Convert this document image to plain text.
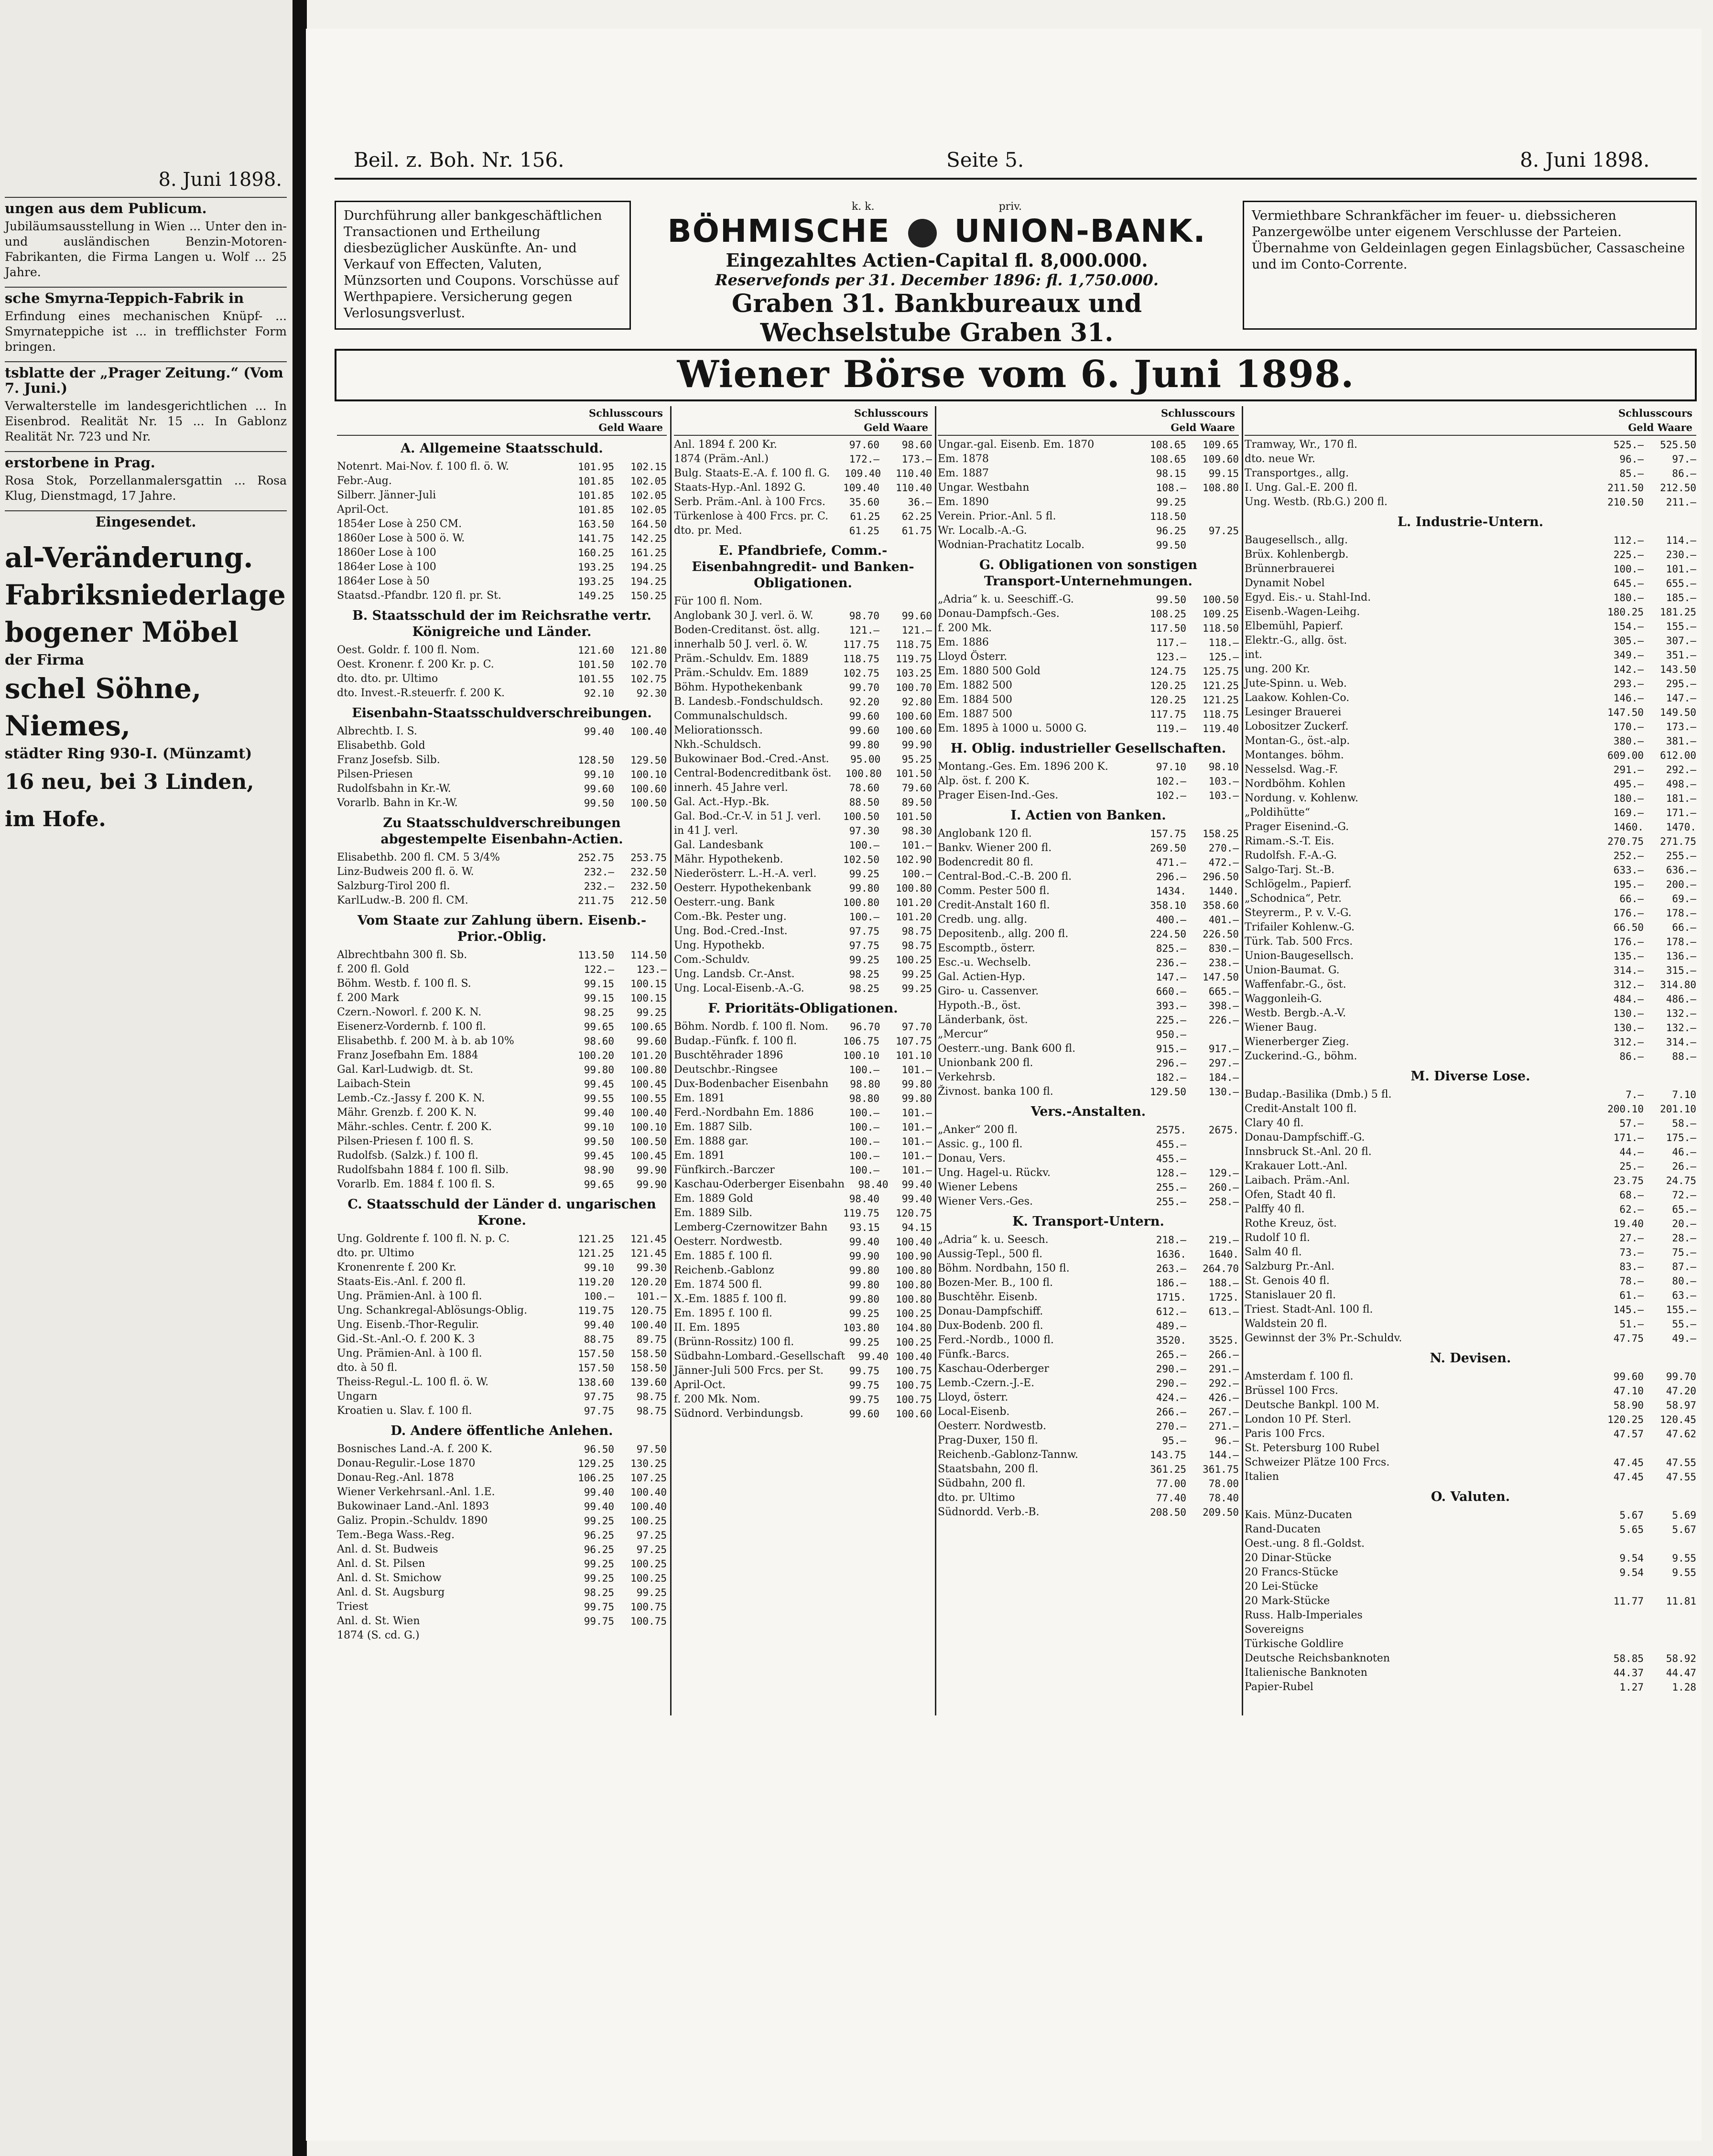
8. Juni 1898.
ungen aus dem Publicum.

Jubiläumsausstellung in Wien ... Unter den in- und ausländischen Benzin-Motoren-Fabrikanten, die Firma Langen u. Wolf ... 25 Jahre.

sche Smyrna-Teppich-Fabrik in

Erfindung eines mechanischen Knüpf- ... Smyrnateppiche ist ... in trefflichster Form bringen.

tsblatte der „Prager Zeitung.“ (Vom 7. Juni.)

Verwalterstelle im landesgerichtlichen ... In Eisenbrod. Realität Nr. 15 ... In Gablonz Realität Nr. 723 und Nr.

erstorbene in Prag.

Rosa Stok, Porzellanmalersgattin ... Rosa Klug, Dienstmagd, 17 Jahre.

Eingesendet.
al-Veränderung.
Fabriksniederlage
bogener Möbel
der Firma
schel Söhne, Niemes,
städter Ring 930-I. (Münzamt)
16 neu, bei 3 Linden, im Hofe.
Beil. z. Boh. Nr. 156.	Seite 5.	8. Juni 1898.
Durchführung aller bankgeschäftlichen Transactionen und Ertheilung diesbezüglicher Auskünfte. An- und Verkauf von Effecten, Valuten, Münzsorten und Coupons. Vorschüsse auf Werthpapiere. Versicherung gegen Verlosungsverlust.
k. k.	priv.
BÖHMISCHE UNION-BANK.
Eingezahltes Actien-Capital fl. 8,000.000.
Reservefonds per 31. December 1896: fl. 1,750.000.
Graben 31. Bankbureaux und Wechselstube Graben 31.
Vermiethbare Schrankfächer im feuer- u. diebssicheren Panzergewölbe unter eigenem Verschlusse der Parteien. Übernahme von Geldeinlagen gegen Einlagsbücher, Cassascheine und im Conto-Corrente.
Wiener Börse vom 6. Juni 1898.
Schlusscours
Geld Waare
A. Allgemeine Staatsschuld.
Notenrt. Mai-Nov. f. 100 fl. ö. W.	101.95	102.15
Febr.-Aug.	101.85	102.05
Silberr. Jänner-Juli	101.85	102.05
April-Oct.	101.85	102.05
1854er Lose à 250 CM.	163.50	164.50
1860er Lose à 500 ö. W.	141.75	142.25
1860er Lose à 100	160.25	161.25
1864er Lose à 100	193.25	194.25
1864er Lose à 50	193.25	194.25
Staatsd.-Pfandbr. 120 fl. pr. St.	149.25	150.25
B. Staatsschuld der im Reichsrathe vertr. Königreiche und Länder.
Oest. Goldr. f. 100 fl. Nom.	121.60	121.80
Oest. Kronenr. f. 200 Kr. p. C.	101.50	102.70
dto. dto. pr. Ultimo	101.55	102.75
dto. Invest.-R.steuerfr. f. 200 K.	92.10	92.30
Eisenbahn-Staatsschuldverschreibungen.
Albrechtb. I. S.	99.40	100.40
Elisabethb. Gold
Franz Josefsb. Silb.	128.50	129.50
Pilsen-Priesen	99.10	100.10
Rudolfsbahn in Kr.-W.	99.60	100.60
Vorarlb. Bahn in Kr.-W.	99.50	100.50
Zu Staatsschuldverschreibungen abgestempelte Eisenbahn-Actien.
Elisabethb. 200 fl. CM. 5 3/4%	252.75	253.75
Linz-Budweis 200 fl. ö. W.	232.—	232.50
Salzburg-Tirol 200 fl.	232.—	232.50
KarlLudw.-B. 200 fl. CM.	211.75	212.50
Vom Staate zur Zahlung übern. Eisenb.-Prior.-Oblig.
Albrechtbahn 300 fl. Sb.	113.50	114.50
f. 200 fl. Gold	122.—	123.—
Böhm. Westb. f. 100 fl. S.	99.15	100.15
f. 200 Mark	99.15	100.15
Czern.-Noworl. f. 200 K. N.	98.25	99.25
Eisenerz-Vordernb. f. 100 fl.	99.65	100.65
Elisabethb. f. 200 M. à b. ab 10%	98.60	99.60
Franz Josefbahn Em. 1884	100.20	101.20
Gal. Karl-Ludwigb. dt. St.	99.80	100.80
Laibach-Stein	99.45	100.45
Lemb.-Cz.-Jassy f. 200 K. N.	99.55	100.55
Mähr. Grenzb. f. 200 K. N.	99.40	100.40
Mähr.-schles. Centr. f. 200 K.	99.10	100.10
Pilsen-Priesen f. 100 fl. S.	99.50	100.50
Rudolfsb. (Salzk.) f. 100 fl.	99.45	100.45
Rudolfsbahn 1884 f. 100 fl. Silb.	98.90	99.90
Vorarlb. Em. 1884 f. 100 fl. S.	99.65	99.90
C. Staatsschuld der Länder d. ungarischen Krone.
Ung. Goldrente f. 100 fl. N. p. C.	121.25	121.45
dto. pr. Ultimo	121.25	121.45
Kronenrente f. 200 Kr.	99.10	99.30
Staats-Eis.-Anl. f. 200 fl.	119.20	120.20
Ung. Prämien-Anl. à 100 fl.	100.—	101.—
Ung. Schankregal-Ablösungs-Oblig.	119.75	120.75
Ung. Eisenb.-Thor-Regulir.	99.40	100.40
Gid.-St.-Anl.-O. f. 200 K. 3	88.75	89.75
Ung. Prämien-Anl. à 100 fl.	157.50	158.50
dto. à 50 fl.	157.50	158.50
Theiss-Regul.-L. 100 fl. ö. W.	138.60	139.60
Ungarn	97.75	98.75
Kroatien u. Slav. f. 100 fl.	97.75	98.75
D. Andere öffentliche Anlehen.
Bosnisches Land.-A. f. 200 K.	96.50	97.50
Donau-Regulir.-Lose 1870	129.25	130.25
Donau-Reg.-Anl. 1878	106.25	107.25
Wiener Verkehrsanl.-Anl. 1.E.	99.40	100.40
Bukowinaer Land.-Anl. 1893	99.40	100.40
Galiz. Propin.-Schuldv. 1890	99.25	100.25
Tem.-Bega Wass.-Reg.	96.25	97.25
Anl. d. St. Budweis	96.25	97.25
Anl. d. St. Pilsen	99.25	100.25
Anl. d. St. Smichow	99.25	100.25
Anl. d. St. Augsburg	98.25	99.25
Triest	99.75	100.75
Anl. d. St. Wien	99.75	100.75
1874 (S. cd. G.)
Schlusscours
Geld Waare
Anl. 1894 f. 200 Kr.	97.60	98.60
1874 (Präm.-Anl.)	172.—	173.—
Bulg. Staats-E.-A. f. 100 fl. G.	109.40	110.40
Staats-Hyp.-Anl. 1892 G.	109.40	110.40
Serb. Präm.-Anl. à 100 Frcs.	35.60	36.—
Türkenlose à 400 Frcs. pr. C.	61.25	62.25
dto. pr. Med.	61.25	61.75
E. Pfandbriefe, Comm.-Eisenbahngredit- und Banken-Obligationen.
Für 100 fl. Nom.
Anglobank 30 J. verl. ö. W.	98.70	99.60
Boden-Creditanst. öst. allg.	121.—	121.—
innerhalb 50 J. verl. ö. W.	117.75	118.75
Präm.-Schuldv. Em. 1889	118.75	119.75
Präm.-Schuldv. Em. 1889	102.75	103.25
Böhm. Hypothekenbank	99.70	100.70
B. Landesb.-Fondschuldsch.	92.20	92.80
Communalschuldsch.	99.60	100.60
Meliorationssch.	99.60	100.60
Nkh.-Schuldsch.	99.80	99.90
Bukowinaer Bod.-Cred.-Anst.	95.00	95.25
Central-Bodencreditbank öst.	100.80	101.50
innerh. 45 Jahre verl.	78.60	79.60
Gal. Act.-Hyp.-Bk.	88.50	89.50
Gal. Bod.-Cr.-V. in 51 J. verl.	100.50	101.50
in 41 J. verl.	97.30	98.30
Gal. Landesbank	100.—	101.—
Mähr. Hypothekenb.	102.50	102.90
Niederösterr. L.-H.-A. verl.	99.25	100.—
Oesterr. Hypothekenbank	99.80	100.80
Oesterr.-ung. Bank	100.80	101.20
Com.-Bk. Pester ung.	100.—	101.20
Ung. Bod.-Cred.-Inst.	97.75	98.75
Ung. Hypothekb.	97.75	98.75
Com.-Schuldv.	99.25	100.25
Ung. Landsb. Cr.-Anst.	98.25	99.25
Ung. Local-Eisenb.-A.-G.	98.25	99.25
F. Prioritäts-Obligationen.
Böhm. Nordb. f. 100 fl. Nom.	96.70	97.70
Budap.-Fünfk. f. 100 fl.	106.75	107.75
Buschtěhrader 1896	100.10	101.10
Deutschbr.-Ringsee	100.—	101.—
Dux-Bodenbacher Eisenbahn	98.80	99.80
Em. 1891	98.80	99.80
Ferd.-Nordbahn Em. 1886	100.—	101.—
Em. 1887 Silb.	100.—	101.—
Em. 1888 gar.	100.—	101.—
Em. 1891	100.—	101.—
Fünfkirch.-Barczer	100.—	101.—
Kaschau-Oderberger Eisenbahn	98.40	99.40
Em. 1889 Gold	98.40	99.40
Em. 1889 Silb.	119.75	120.75
Lemberg-Czernowitzer Bahn	93.15	94.15
Oesterr. Nordwestb.	99.40	100.40
Em. 1885 f. 100 fl.	99.90	100.90
Reichenb.-Gablonz	99.80	100.80
Em. 1874 500 fl.	99.80	100.80
X.-Em. 1885 f. 100 fl.	99.80	100.80
Em. 1895 f. 100 fl.	99.25	100.25
II. Em. 1895	103.80	104.80
(Brünn-Rossitz) 100 fl.	99.25	100.25
Südbahn-Lombard.-Gesellschaft	99.40 100.40
Jänner-Juli 500 Frcs. per St.	99.75	100.75
April-Oct.	99.75	100.75
f. 200 Mk. Nom.	99.75	100.75
Südnord. Verbindungsb.	99.60	100.60
Schlusscours
Geld Waare
Ungar.-gal. Eisenb. Em. 1870	108.65	109.65
Em. 1878	108.65	109.60
Em. 1887	98.15	99.15
Ungar. Westbahn	108.—	108.80
Em. 1890	99.25
Verein. Prior.-Anl. 5 fl.	118.50
Wr. Localb.-A.-G.	96.25	97.25
Wodnian-Prachatitz Localb.	99.50
G. Obligationen von sonstigen Transport-Unternehmungen.
„Adria“ k. u. Seeschiff.-G.	99.50	100.50
Donau-Dampfsch.-Ges.	108.25	109.25
f. 200 Mk.	117.50	118.50
Em. 1886	117.—	118.—
Lloyd Österr.	123.—	125.—
Em. 1880 500 Gold	124.75	125.75
Em. 1882 500	120.25	121.25
Em. 1884 500	120.25	121.25
Em. 1887 500	117.75	118.75
Em. 1895 à 1000 u. 5000 G.	119.—	119.40
H. Oblig. industrieller Gesellschaften.
Montang.-Ges. Em. 1896 200 K.	97.10	98.10
Alp. öst. f. 200 K.	102.—	103.—
Prager Eisen-Ind.-Ges.	102.—	103.—
I. Actien von Banken.
Anglobank 120 fl.	157.75	158.25
Bankv. Wiener 200 fl.	269.50	270.—
Bodencredit 80 fl.	471.—	472.—
Central-Bod.-C.-B. 200 fl.	296.—	296.50
Comm. Pester 500 fl.	1434.	1440.
Credit-Anstalt 160 fl.	358.10	358.60
Credb. ung. allg.	400.—	401.—
Depositenb., allg. 200 fl.	224.50	226.50
Escomptb., österr.	825.—	830.—
Esc.-u. Wechselb.	236.—	238.—
Gal. Actien-Hyp.	147.—	147.50
Giro- u. Cassenver.	660.—	665.—
Hypoth.-B., öst.	393.—	398.—
Länderbank, öst.	225.—	226.—
„Mercur“	950.—
Oesterr.-ung. Bank 600 fl.	915.—	917.—
Unionbank 200 fl.	296.—	297.—
Verkehrsb.	182.—	184.—
Živnost. banka 100 fl.	129.50	130.—
Vers.-Anstalten.
„Anker“ 200 fl.	2575.	2675.
Assic. g., 100 fl.	455.—
Donau, Vers.	455.—
Ung. Hagel-u. Rückv.	128.—	129.—
Wiener Lebens	255.—	260.—
Wiener Vers.-Ges.	255.—	258.—
K. Transport-Untern.
„Adria“ k. u. Seesch.	218.—	219.—
Aussig-Tepl., 500 fl.	1636.	1640.
Böhm. Nordbahn, 150 fl.	263.—	264.70
Bozen-Mer. B., 100 fl.	186.—	188.—
Buschtěhr. Eisenb.	1715.	1725.
Donau-Dampfschiff.	612.—	613.—
Dux-Bodenb. 200 fl.	489.—
Ferd.-Nordb., 1000 fl.	3520.	3525.
Fünfk.-Barcs.	265.—	266.—
Kaschau-Oderberger	290.—	291.—
Lemb.-Czern.-J.-E.	290.—	292.—
Lloyd, österr.	424.—	426.—
Local-Eisenb.	266.—	267.—
Oesterr. Nordwestb.	270.—	271.—
Prag-Duxer, 150 fl.	95.—	96.—
Reichenb.-Gablonz-Tannw.	143.75	144.—
Staatsbahn, 200 fl.	361.25	361.75
Südbahn, 200 fl.	77.00	78.00
dto. pr. Ultimo	77.40	78.40
Südnordd. Verb.-B.	208.50	209.50
Schlusscours
Geld Waare
Tramway, Wr., 170 fl.	525.—	525.50
dto. neue Wr.	96.—	97.—
Transportges., allg.	85.—	86.—
I. Ung. Gal.-E. 200 fl.	211.50	212.50
Ung. Westb. (Rb.G.) 200 fl.	210.50	211.—
L. Industrie-Untern.
Baugesellsch., allg.	112.—	114.—
Brüx. Kohlenbergb.	225.—	230.—
Brünnerbrauerei	100.—	101.—
Dynamit Nobel	645.—	655.—
Egyd. Eis.- u. Stahl-Ind.	180.—	185.—
Eisenb.-Wagen-Leihg.	180.25	181.25
Elbemühl, Papierf.	154.—	155.—
Elektr.-G., allg. öst.	305.—	307.—
int.	349.—	351.—
ung. 200 Kr.	142.—	143.50
Jute-Spinn. u. Web.	293.—	295.—
Laakow. Kohlen-Co.	146.—	147.—
Lesinger Brauerei	147.50	149.50
Lobositzer Zuckerf.	170.—	173.—
Montan-G., öst.-alp.	380.—	381.—
Montanges. böhm.	609.00	612.00
Nesselsd. Wag.-F.	291.—	292.—
Nordböhm. Kohlen	495.—	498.—
Nordung. v. Kohlenw.	180.—	181.—
„Poldihütte“	169.—	171.—
Prager Eisenind.-G.	1460.	1470.
Rimam.-S.-T. Eis.	270.75	271.75
Rudolfsh. F.-A.-G.	252.—	255.—
Salgo-Tarj. St.-B.	633.—	636.—
Schlögelm., Papierf.	195.—	200.—
„Schodnica“, Petr.	66.—	69.—
Steyrerm., P. v. V.-G.	176.—	178.—
Trifailer Kohlenw.-G.	66.50	66.—
Türk. Tab. 500 Frcs.	176.—	178.—
Union-Baugesellsch.	135.—	136.—
Union-Baumat. G.	314.—	315.—
Waffenfabr.-G., öst.	312.—	314.80
Waggonleih-G.	484.—	486.—
Westb. Bergb.-A.-V.	130.—	132.—
Wiener Baug.	130.—	132.—
Wienerberger Zieg.	312.—	314.—
Zuckerind.-G., böhm.	86.—	88.—
M. Diverse Lose.
Budap.-Basilika (Dmb.) 5 fl.	7.—	7.10
Credit-Anstalt 100 fl.	200.10	201.10
Clary 40 fl.	57.—	58.—
Donau-Dampfschiff.-G.	171.—	175.—
Innsbruck St.-Anl. 20 fl.	44.—	46.—
Krakauer Lott.-Anl.	25.—	26.—
Laibach. Präm.-Anl.	23.75	24.75
Ofen, Stadt 40 fl.	68.—	72.—
Palffy 40 fl.	62.—	65.—
Rothe Kreuz, öst.	19.40	20.—
Rudolf 10 fl.	27.—	28.—
Salm 40 fl.	73.—	75.—
Salzburg Pr.-Anl.	83.—	87.—
St. Genois 40 fl.	78.—	80.—
Stanislauer 20 fl.	61.—	63.—
Triest. Stadt-Anl. 100 fl.	145.—	155.—
Waldstein 20 fl.	51.—	55.—
Gewinnst der 3% Pr.-Schuldv.	47.75	49.—
N. Devisen.
Amsterdam f. 100 fl.	99.60	99.70
Brüssel 100 Frcs.	47.10	47.20
Deutsche Bankpl. 100 M.	58.90	58.97
London 10 Pf. Sterl.	120.25	120.45
Paris 100 Frcs.	47.57	47.62
St. Petersburg 100 Rubel
Schweizer Plätze 100 Frcs.	47.45	47.55
Italien	47.45	47.55
O. Valuten.
Kais. Münz-Ducaten	5.67	5.69
Rand-Ducaten	5.65	5.67
Oest.-ung. 8 fl.-Goldst.
20 Dinar-Stücke	9.54	9.55
20 Francs-Stücke	9.54	9.55
20 Lei-Stücke
20 Mark-Stücke	11.77	11.81
Russ. Halb-Imperiales
Sovereigns
Türkische Goldlire
Deutsche Reichsbanknoten	58.85	58.92
Italienische Banknoten	44.37	44.47
Papier-Rubel	1.27	1.28
